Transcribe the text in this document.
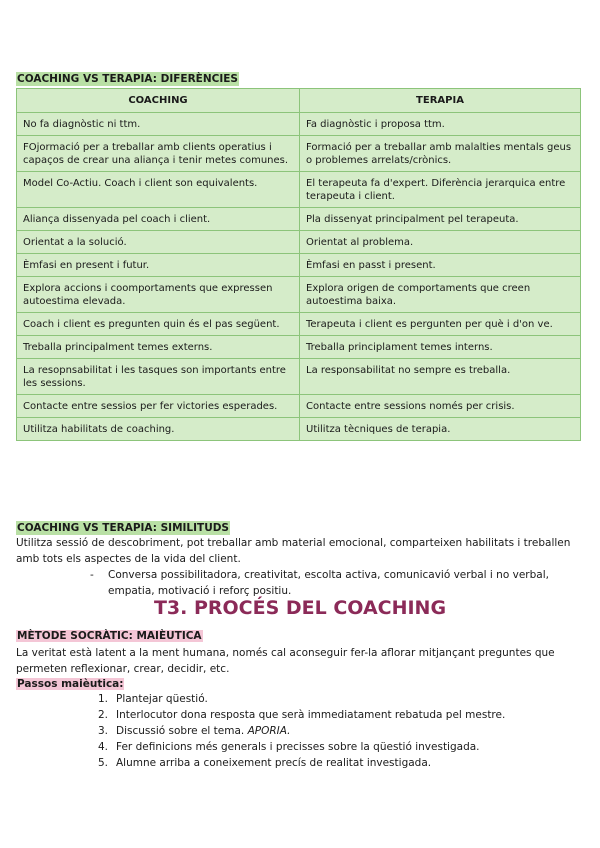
COACHING VS TERAPIA: DIFERÈNCIES
COACHING	TERAPIA
No fa diagnòstic ni ttm.	Fa diagnòstic i proposa ttm.
FOjormació per a treballar amb clients operatius i capaços de crear una aliança i tenir metes comunes.	Formació per a treballar amb malalties mentals geus o problemes arrelats/crònics.
Model Co-Actiu. Coach i client son equivalents.	El terapeuta fa d'expert. Diferència jerarquica entre terapeuta i client.
Aliança dissenyada pel coach i client.	Pla dissenyat principalment pel terapeuta.
Orientat a la solució.	Orientat al problema.
Èmfasi en present i futur.	Èmfasi en passt i present.
Explora accions i coomportaments que expressen autoestima elevada.	Explora origen de comportaments que creen autoestima baixa.
Coach i client es pregunten quin és el pas següent.	Terapeuta i client es pergunten per què i d'on ve.
Treballa principalment temes externs.	Treballa principlament temes interns.
La resopnsabilitat i les tasques son importants entre les sessions.	La responsabilitat no sempre es treballa.
Contacte entre sessios per fer victories esperades.	Contacte entre sessions només per crisis.
Utilitza habilitats de coaching.	Utilitza tècniques de terapia.
COACHING VS TERAPIA: SIMILITUDS
Utilitza sessió de descobriment, pot treballar amb material emocional, comparteixen habilitats i treballen amb tots els aspectes de la vida del client.
- Conversa possibilitadora, creativitat, escolta activa, comunicavió verbal i no verbal, empatia, motivació i reforç positiu.
T3. PROCÉS DEL COACHING
MÈTODE SOCRÀTIC: MAIÈUTICA
La veritat està latent a la ment humana, només cal aconseguir fer-la aflorar mitjançant preguntes que permeten reflexionar, crear, decidir, etc.
Passos maièutica:
1. Plantejar qüestió.
2. Interlocutor dona resposta que serà immediatament rebatuda pel mestre.
3. Discussió sobre el tema. APORIA.
4. Fer definicions més generals i precisses sobre la qüestió investigada.
5. Alumne arriba a coneixement precís de realitat investigada.
